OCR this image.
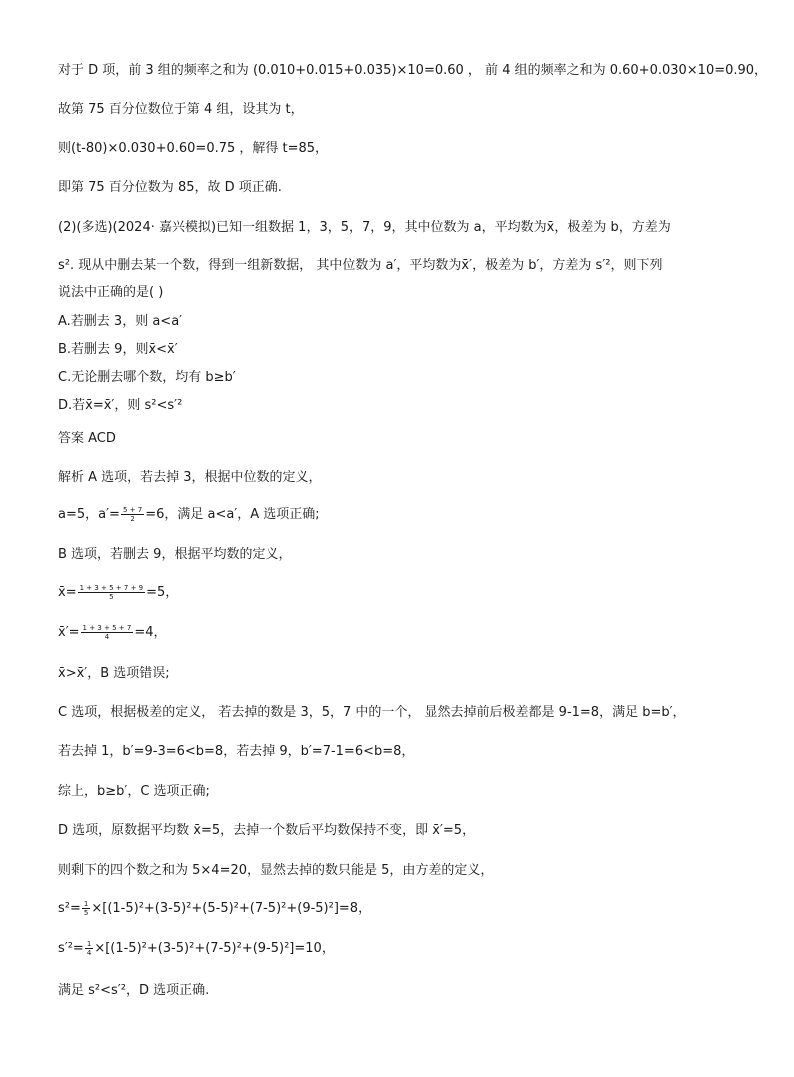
对于 D 项，前 3 组的频率之和为 (0.010+0.015+0.035)×10=0.60 ， 前 4 组的频率之和为 0.60+0.030×10=0.90，
故第 75 百分位数位于第 4 组，设其为 t，
则(t-80)×0.030+0.60=0.75 ，解得 t=85，
即第 75 百分位数为 85，故 D 项正确.
(2)(多选)(2024· 嘉兴模拟)已知一组数据 1，3，5，7，9，其中位数为 a，平均数为x̄，极差为 b，方差为
s². 现从中删去某一个数，得到一组新数据， 其中位数为 a′，平均数为x̄′，极差为 b′，方差为 s′²，则下列
说法中正确的是( )
A.若删去 3，则 a<a′
B.若删去 9，则x̄<x̄′
C.无论删去哪个数，均有 b≥b′
D.若x̄=x̄′，则 s²<s′²
答案 ACD
解析 A 选项，若去掉 3，根据中位数的定义，
a=5，$a'= \frac{5 + 7}{2} =6$，满足 a<a′，A 选项正确;
B 选项，若删去 9，根据平均数的定义，
x̄= $\frac{1 + 3 + 5 + 7 + 9}{5} =5$，
x̄′= $\frac{1 + 3 + 5 + 7}{4} =4$，
x̄>x̄′，B 选项错误;
C 选项，根据极差的定义， 若去掉的数是 3，5，7 中的一个， 显然去掉前后极差都是 9-1=8，满足 b=b′，
若去掉 1，b′=9-3=6<b=8，若去掉 9，b′=7-1=6<b=8，
综上，b≥b′，C 选项正确;
D 选项，原数据平均数 x̄=5，去掉一个数后平均数保持不变，即 x̄′=5，
则剩下的四个数之和为 5×4=20，显然去掉的数只能是 5，由方差的定义，
$s^2= \frac{1}{5} \times[(1-5)^2+(3-5)^2+(5-5)^2+(7-5)^2+(9-5)^2]=8$，
$s'^2= \frac{1}{4} \times[(1-5)^2+(3-5)^2+(7-5)^2+(9-5)^2]=10$，
满足 s²<s′²，D 选项正确.
